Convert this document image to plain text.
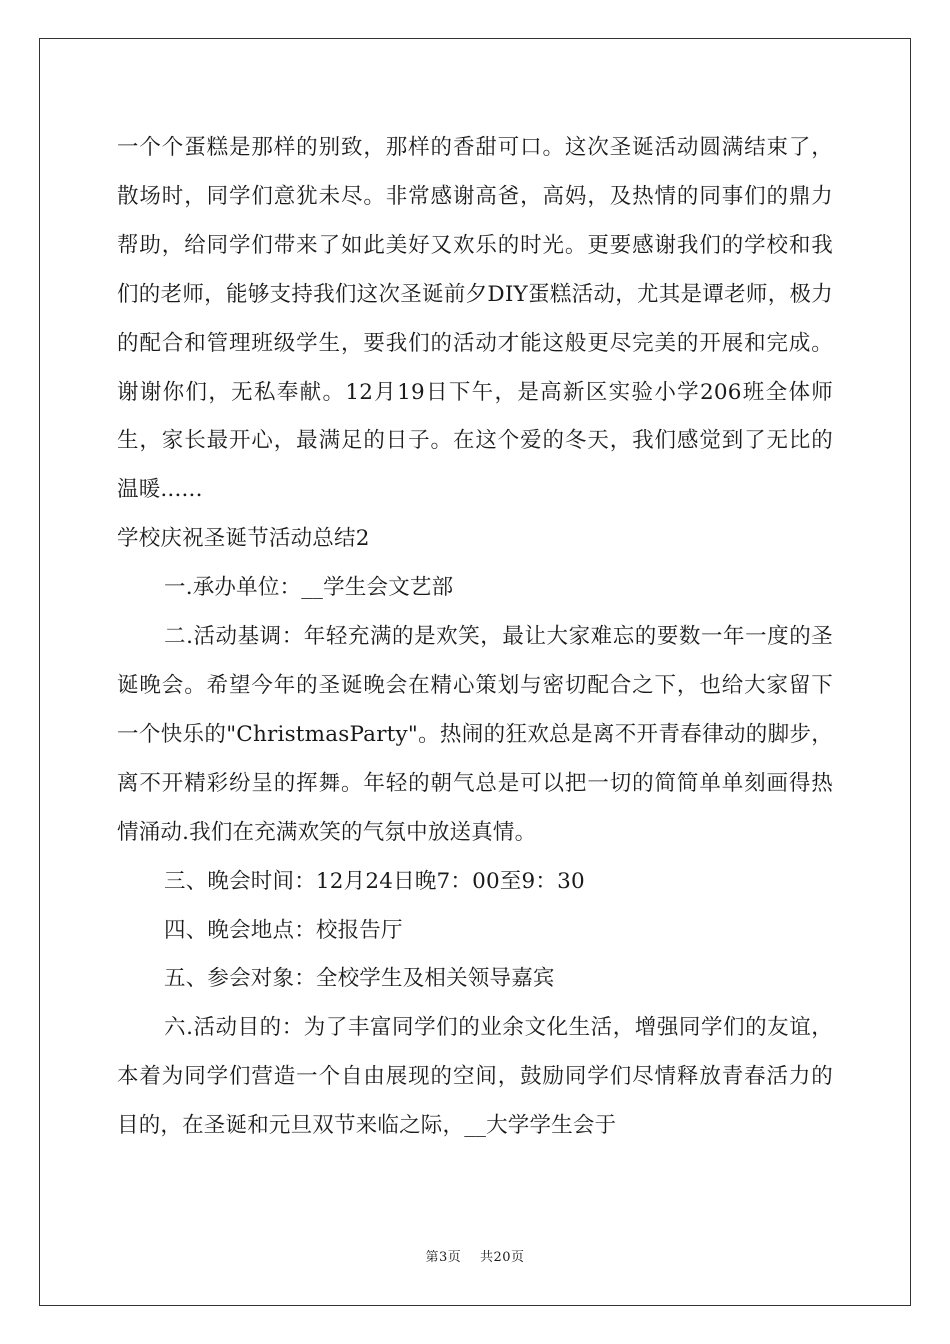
一个个蛋糕是那样的别致，那样的香甜可口。这次圣诞活动圆满结束了，散场时，同学们意犹未尽。非常感谢高爸，高妈，及热情的同事们的鼎力帮助，给同学们带来了如此美好又欢乐的时光。更要感谢我们的学校和我们的老师，能够支持我们这次圣诞前夕DIY蛋糕活动，尤其是谭老师，极力的配合和管理班级学生，要我们的活动才能这般更尽完美的开展和完成。谢谢你们，无私奉献。12月19日下午，是高新区实验小学206班全体师生，家长最开心，最满足的日子。在这个爱的冬天，我们感觉到了无比的温暖......

学校庆祝圣诞节活动总结2

一.承办单位：__学生会文艺部

二.活动基调：年轻充满的是欢笑，最让大家难忘的要数一年一度的圣诞晚会。希望今年的圣诞晚会在精心策划与密切配合之下，也给大家留下一个快乐的"ChristmasParty"。热闹的狂欢总是离不开青春律动的脚步，离不开精彩纷呈的挥舞。年轻的朝气总是可以把一切的简简单单刻画得热情涌动.我们在充满欢笑的气氛中放送真情。

三、晚会时间：12月24日晚7：00至9：30

四、晚会地点：校报告厅

五、参会对象：全校学生及相关领导嘉宾

六.活动目的：为了丰富同学们的业余文化生活，增强同学们的友谊，本着为同学们营造一个自由展现的空间，鼓励同学们尽情释放青春活力的目的，在圣诞和元旦双节来临之际，__大学学生会于

第3页 共20页
